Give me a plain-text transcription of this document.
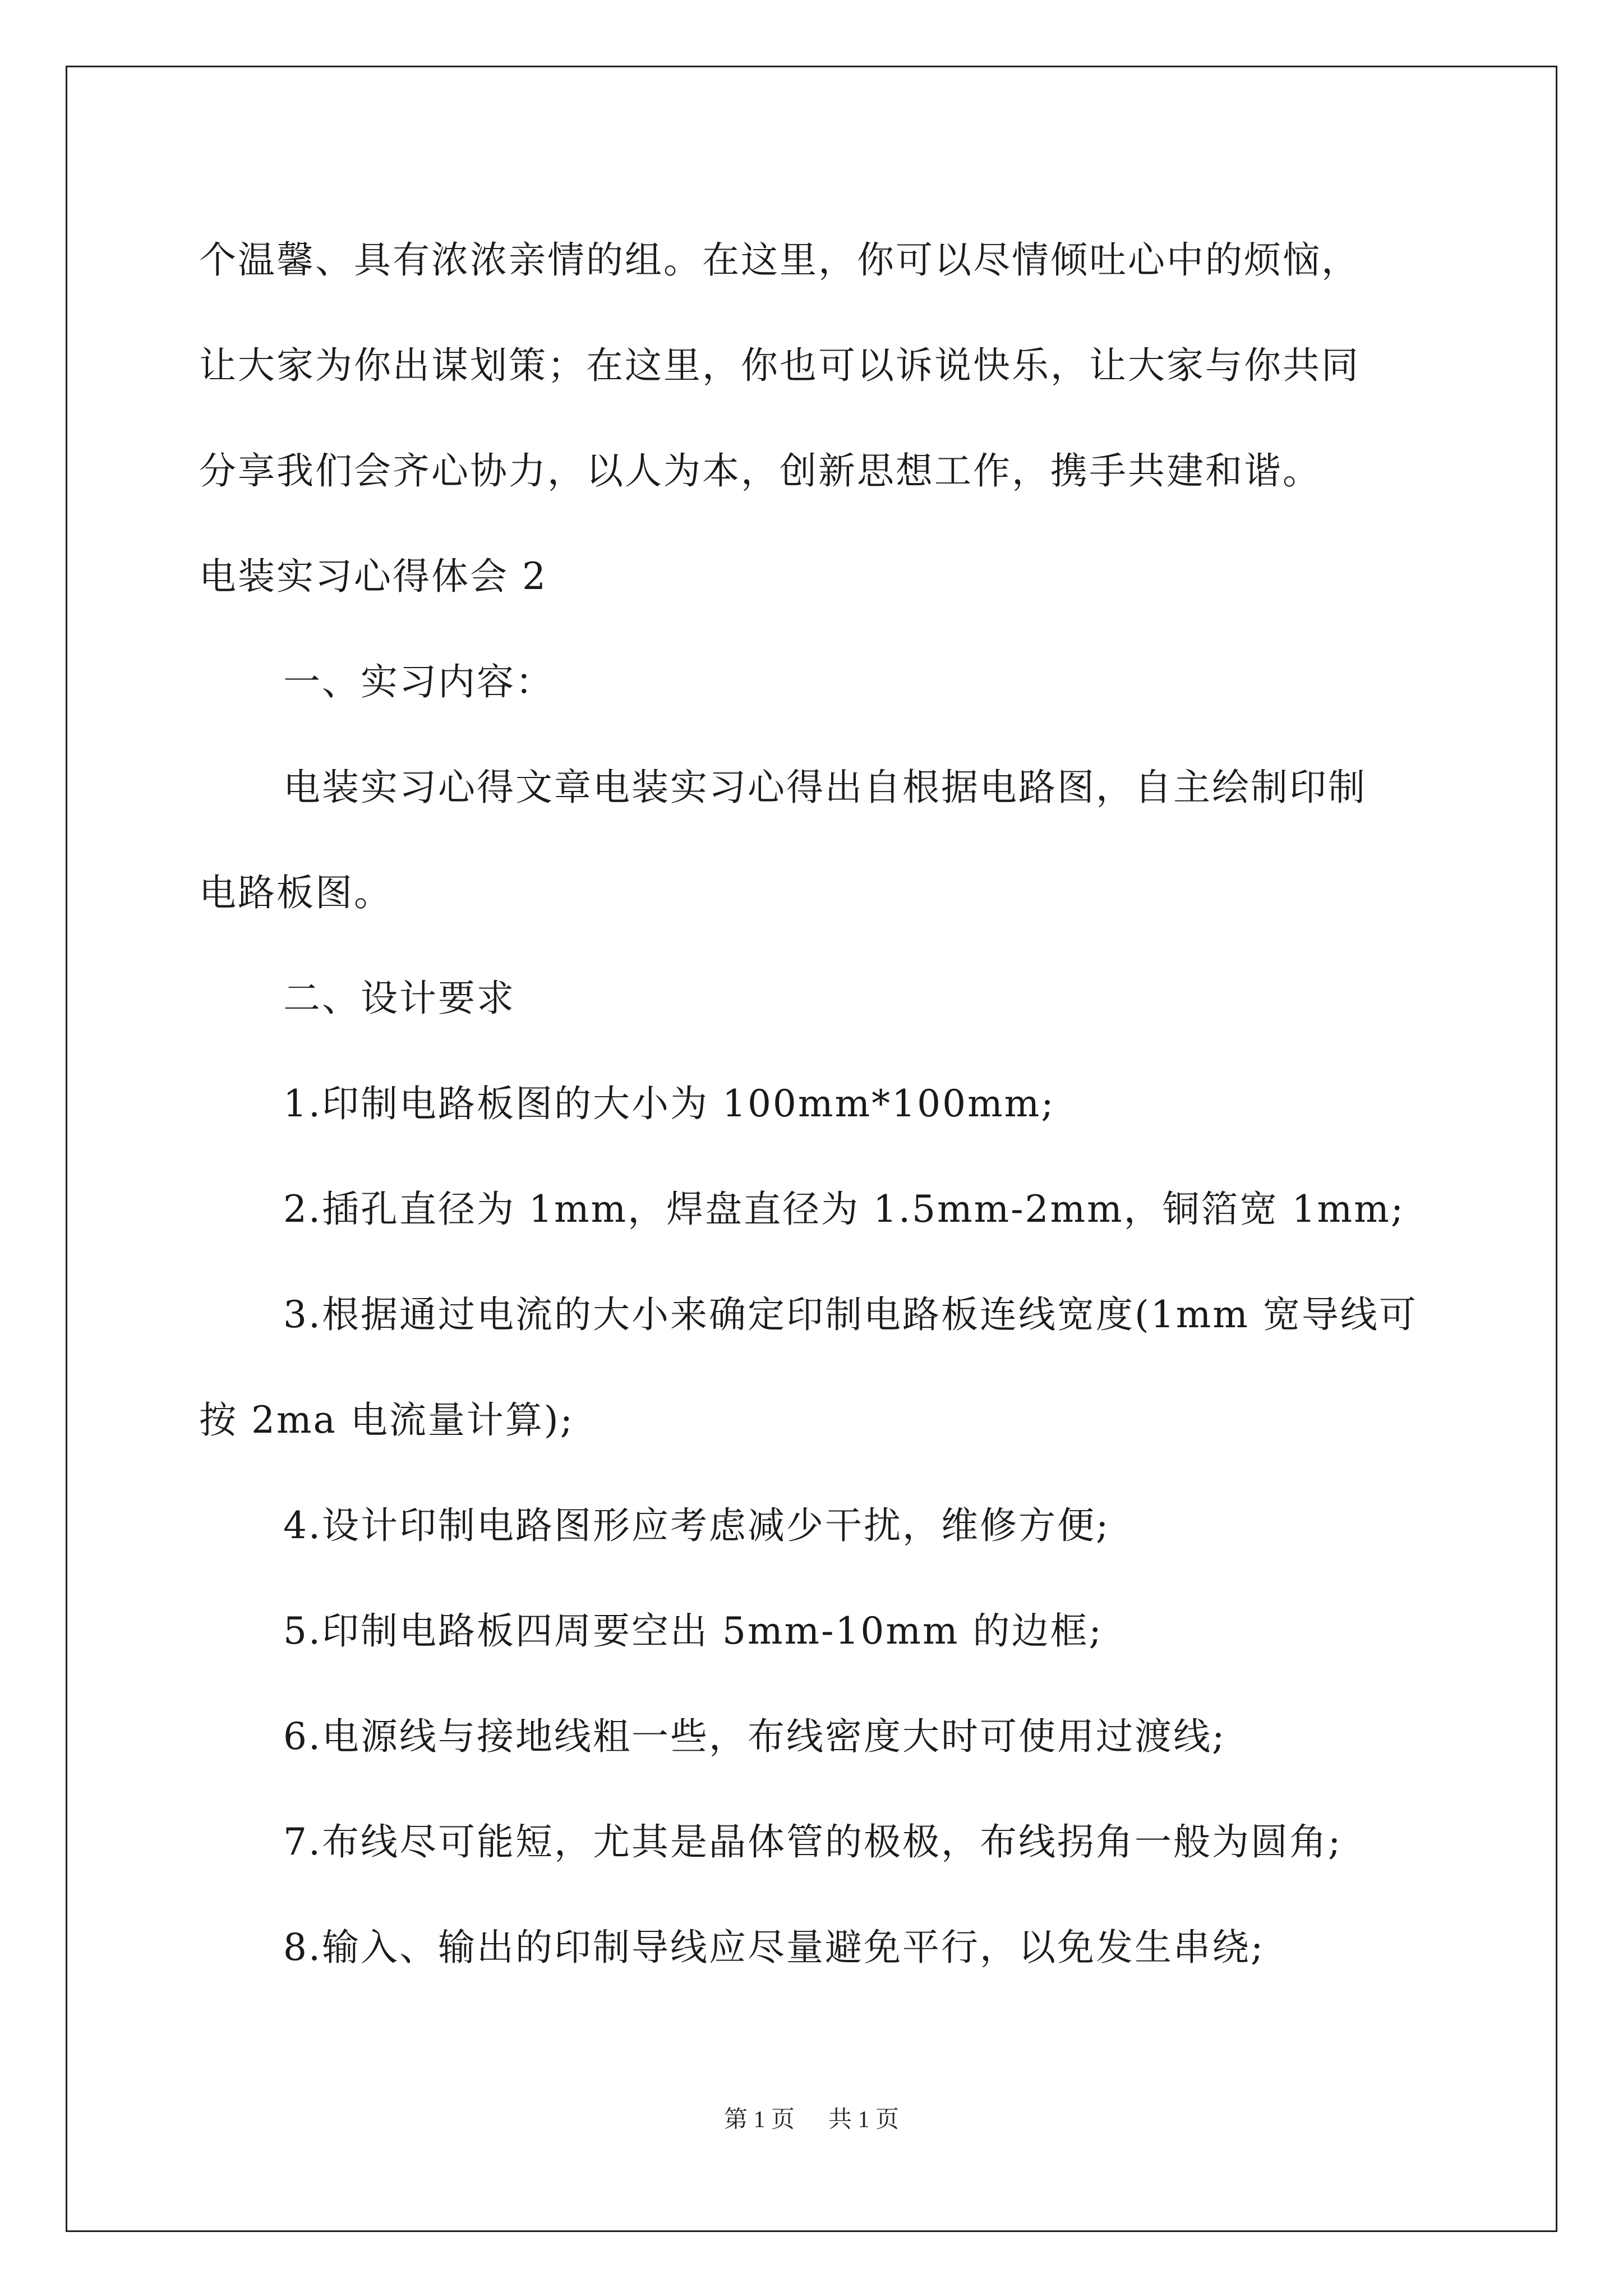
个温馨、具有浓浓亲情的组。在这里，你可以尽情倾吐心中的烦恼，
让大家为你出谋划策；在这里，你也可以诉说快乐，让大家与你共同
分享我们会齐心协力，以人为本，创新思想工作，携手共建和谐。
电装实习心得体会 2
一、实习内容：
电装实习心得文章电装实习心得出自根据电路图，自主绘制印制
电路板图。
二、设计要求
1.印制电路板图的大小为 100mm*100mm;
2.插孔直径为 1mm，焊盘直径为 1.5mm-2mm，铜箔宽 1mm;
3.根据通过电流的大小来确定印制电路板连线宽度(1mm 宽导线可
按 2ma 电流量计算);
4.设计印制电路图形应考虑减少干扰，维修方便;
5.印制电路板四周要空出 5mm-10mm 的边框;
6.电源线与接地线粗一些，布线密度大时可使用过渡线;
7.布线尽可能短，尤其是晶体管的极极，布线拐角一般为圆角;
8.输入、输出的印制导线应尽量避免平行，以免发生串绕;
第 1 页 共 1 页
